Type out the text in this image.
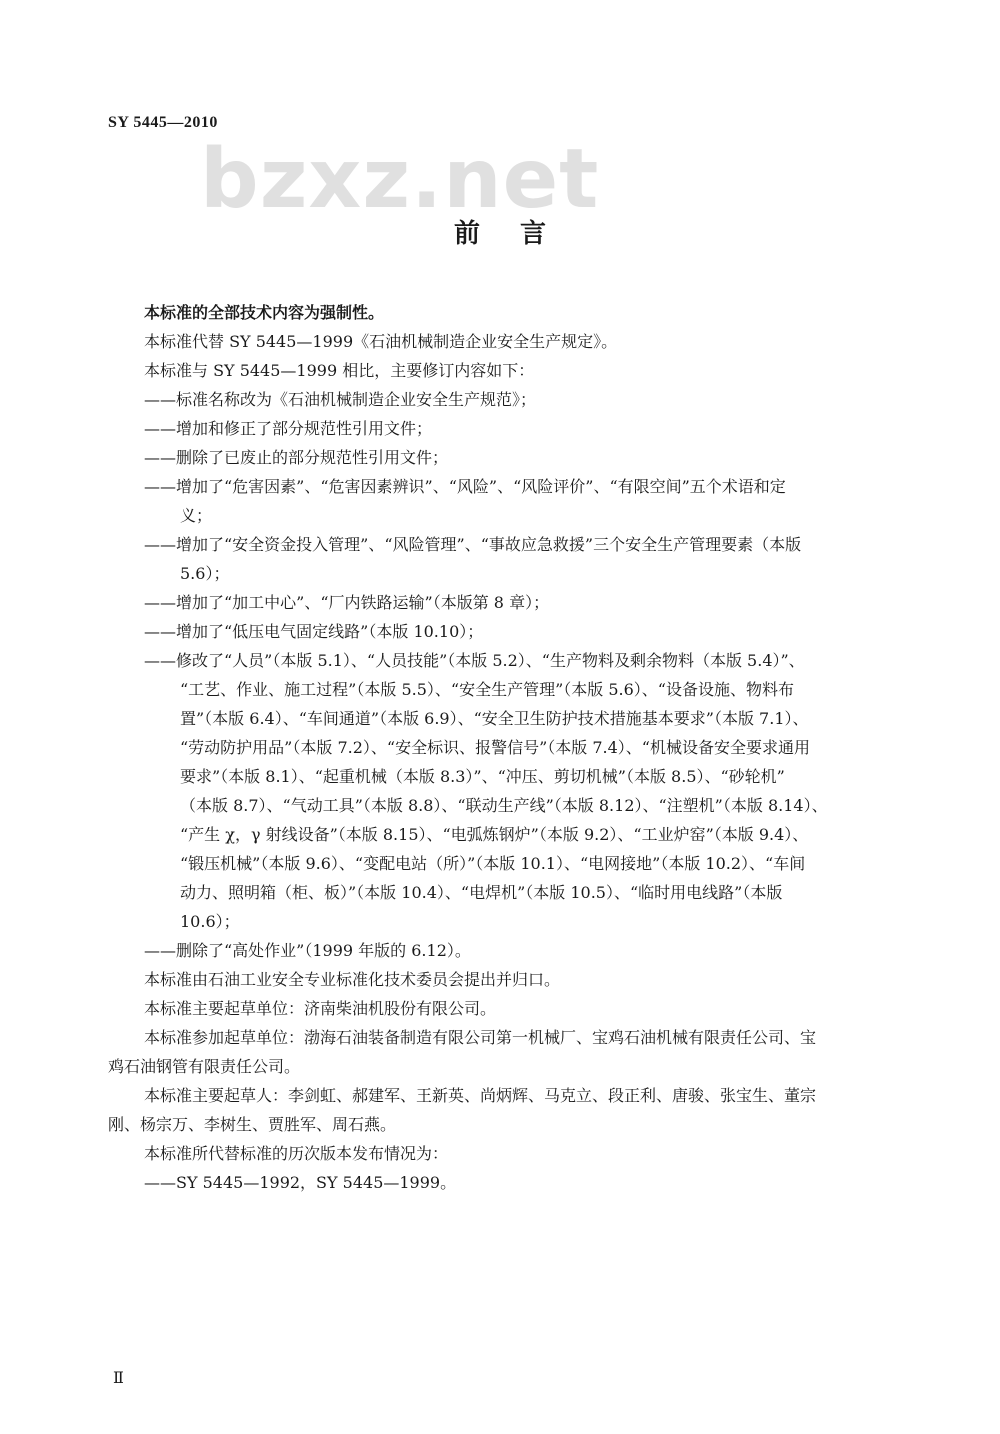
SY 5445—2010
bzxz.net
前言
本标准的全部技术内容为强制性。
本标准代替 SY 5445—1999《石油机械制造企业安全生产规定》。
本标准与 SY 5445—1999 相比，主要修订内容如下：
——标准名称改为《石油机械制造企业安全生产规范》；
——增加和修正了部分规范性引用文件；
——删除了已废止的部分规范性引用文件；
——增加了“危害因素”、“危害因素辨识”、“风险”、“风险评价”、“有限空间”五个术语和定
义；
——增加了“安全资金投入管理”、“风险管理”、“事故应急救援”三个安全生产管理要素（本版
5.6）；
——增加了“加工中心”、“厂内铁路运输”（本版第 8 章）；
——增加了“低压电气固定线路”（本版 10.10）；
——修改了“人员”（本版 5.1）、“人员技能”（本版 5.2）、“生产物料及剩余物料（本版 5.4）”、
“工艺、作业、施工过程”（本版 5.5）、“安全生产管理”（本版 5.6）、“设备设施、物料布
置”（本版 6.4）、“车间通道”（本版 6.9）、“安全卫生防护技术措施基本要求”（本版 7.1）、
“劳动防护用品”（本版 7.2）、“安全标识、报警信号”（本版 7.4）、“机械设备安全要求通用
要求”（本版 8.1）、“起重机械（本版 8.3）”、“冲压、剪切机械”（本版 8.5）、“砂轮机”
（本版 8.7）、“气动工具”（本版 8.8）、“联动生产线”（本版 8.12）、“注塑机”（本版 8.14）、
“产生 χ，γ 射线设备”（本版 8.15）、“电弧炼钢炉”（本版 9.2）、“工业炉窑”（本版 9.4）、
“锻压机械”（本版 9.6）、“变配电站（所）”（本版 10.1）、“电网接地”（本版 10.2）、“车间
动力、照明箱（柜、板）”（本版 10.4）、“电焊机”（本版 10.5）、“临时用电线路”（本版
10.6）；
——删除了“高处作业”（1999 年版的 6.12）。
本标准由石油工业安全专业标准化技术委员会提出并归口。
本标准主要起草单位：济南柴油机股份有限公司。
本标准参加起草单位：渤海石油装备制造有限公司第一机械厂、宝鸡石油机械有限责任公司、宝
鸡石油钢管有限责任公司。
本标准主要起草人：李剑虹、郝建军、王新英、尚炳辉、马克立、段正利、唐骏、张宝生、董宗
刚、杨宗万、李树生、贾胜军、周石燕。
本标准所代替标准的历次版本发布情况为：
——SY 5445—1992，SY 5445—1999。
Ⅱ
